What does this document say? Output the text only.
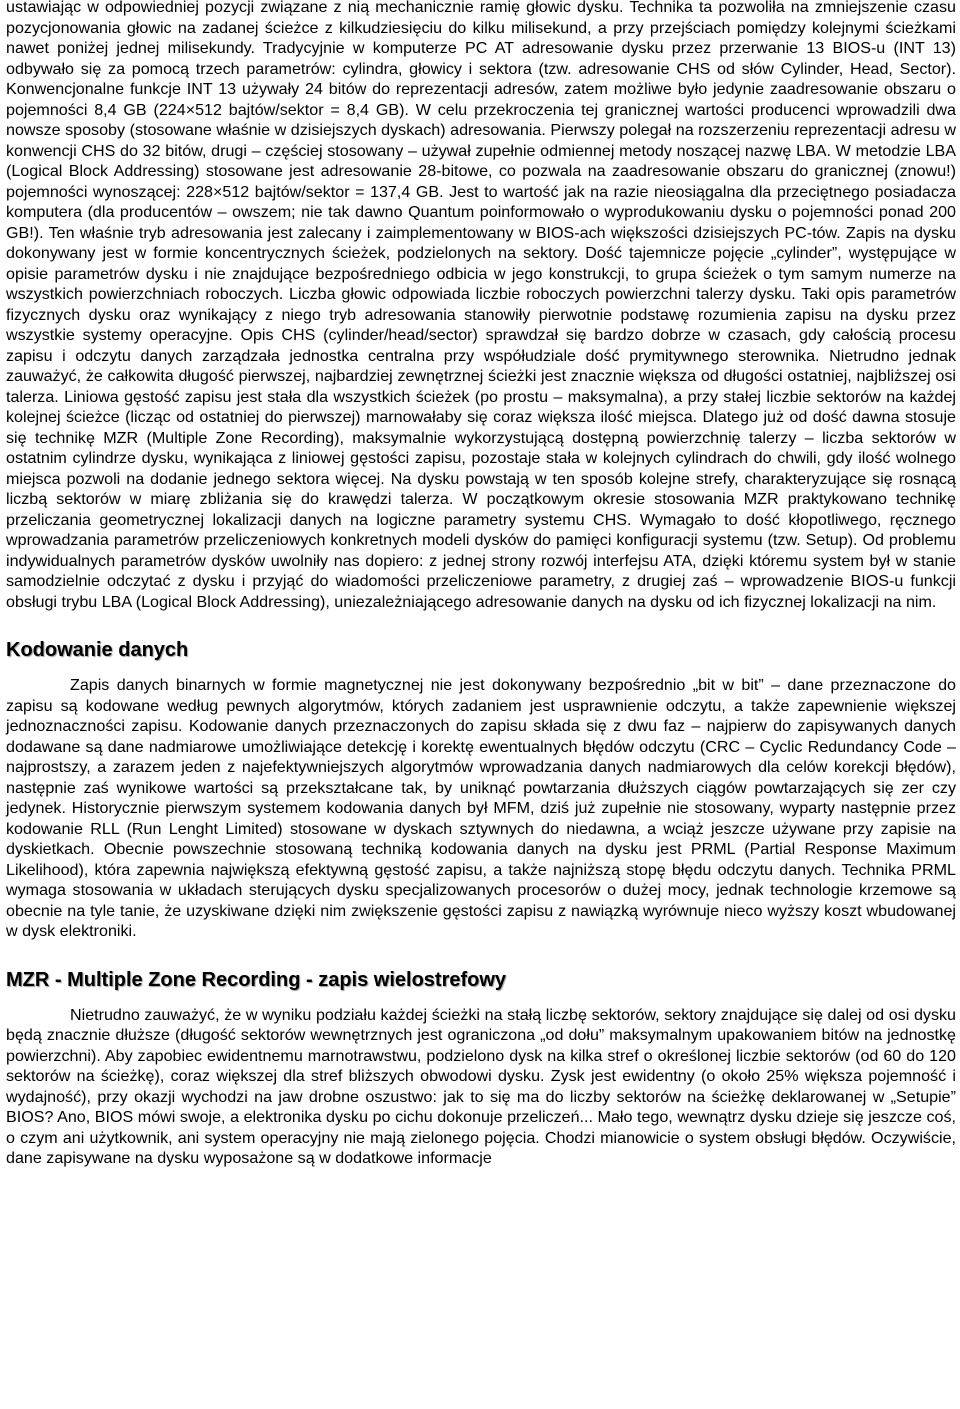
ustawiając w odpowiedniej pozycji związane z nią mechanicznie ramię głowic dysku. Technika ta pozwoliła na zmniejszenie czasu pozycjonowania głowic na zadanej ścieżce z kilkudziesięciu do kilku milisekund, a przy przejściach pomiędzy kolejnymi ścieżkami nawet poniżej jednej milisekundy. Tradycyjnie w komputerze PC AT adresowanie dysku przez przerwanie 13 BIOS-u (INT 13) odbywało się za pomocą trzech parametrów: cylindra, głowicy i sektora (tzw. adresowanie CHS od słów Cylinder, Head, Sector). Konwencjonalne funkcje INT 13 używały 24 bitów do reprezentacji adresów, zatem możliwe było jedynie zaadresowanie obszaru o pojemności 8,4 GB (224×512 bajtów/sektor = 8,4 GB). W celu przekroczenia tej granicznej wartości producenci wprowadzili dwa nowsze sposoby (stosowane właśnie w dzisiejszych dyskach) adresowania. Pierwszy polegał na rozszerzeniu reprezentacji adresu w konwencji CHS do 32 bitów, drugi – częściej stosowany – używał zupełnie odmiennej metody noszącej nazwę LBA. W metodzie LBA (Logical Block Addressing) stosowane jest adresowanie 28-bitowe, co pozwala na zaadresowanie obszaru do granicznej (znowu!) pojemności wynoszącej: 228×512 bajtów/sektor = 137,4 GB. Jest to wartość jak na razie nieosiągalna dla przeciętnego posiadacza komputera (dla producentów – owszem; nie tak dawno Quantum poinformowało o wyprodukowaniu dysku o pojemności ponad 200 GB!). Ten właśnie tryb adresowania jest zalecany i zaimplementowany w BIOS-ach większości dzisiejszych PC-tów. Zapis na dysku dokonywany jest w formie koncentrycznych ścieżek, podzielonych na sektory. Dość tajemnicze pojęcie „cylinder”, występujące w opisie parametrów dysku i nie znajdujące bezpośredniego odbicia w jego konstrukcji, to grupa ścieżek o tym samym numerze na wszystkich powierzchniach roboczych. Liczba głowic odpowiada liczbie roboczych powierzchni talerzy dysku. Taki opis parametrów fizycznych dysku oraz wynikający z niego tryb adresowania stanowiły pierwotnie podstawę rozumienia zapisu na dysku przez wszystkie systemy operacyjne. Opis CHS (cylinder/head/sector) sprawdzał się bardzo dobrze w czasach, gdy całością procesu zapisu i odczytu danych zarządzała jednostka centralna przy współudziale dość prymitywnego sterownika. Nietrudno jednak zauważyć, że całkowita długość pierwszej, najbardziej zewnętrznej ścieżki jest znacznie większa od długości ostatniej, najbliższej osi talerza. Liniowa gęstość zapisu jest stała dla wszystkich ścieżek (po prostu – maksymalna), a przy stałej liczbie sektorów na każdej kolejnej ścieżce (licząc od ostatniej do pierwszej) marnowałaby się coraz większa ilość miejsca. Dlatego już od dość dawna stosuje się technikę MZR (Multiple Zone Recording), maksymalnie wykorzystującą dostępną powierzchnię talerzy – liczba sektorów w ostatnim cylindrze dysku, wynikająca z liniowej gęstości zapisu, pozostaje stała w kolejnych cylindrach do chwili, gdy ilość wolnego miejsca pozwoli na dodanie jednego sektora więcej. Na dysku powstają w ten sposób kolejne strefy, charakteryzujące się rosnącą liczbą sektorów w miarę zbliżania się do krawędzi talerza. W początkowym okresie stosowania MZR praktykowano technikę przeliczania geometrycznej lokalizacji danych na logiczne parametry systemu CHS. Wymagało to dość kłopotliwego, ręcznego wprowadzania parametrów przeliczeniowych konkretnych modeli dysków do pamięci konfiguracji systemu (tzw. Setup). Od problemu indywidualnych parametrów dysków uwolniły nas dopiero: z jednej strony rozwój interfejsu ATA, dzięki któremu system był w stanie samodzielnie odczytać z dysku i przyjąć do wiadomości przeliczeniowe parametry, z drugiej zaś – wprowadzenie BIOS-u funkcji obsługi trybu LBA (Logical Block Addressing), uniezależniającego adresowanie danych na dysku od ich fizycznej lokalizacji na nim.

Kodowanie danych

Zapis danych binarnych w formie magnetycznej nie jest dokonywany bezpośrednio „bit w bit” – dane przeznaczone do zapisu są kodowane według pewnych algorytmów, których zadaniem jest usprawnienie odczytu, a także zapewnienie większej jednoznaczności zapisu. Kodowanie danych przeznaczonych do zapisu składa się z dwu faz – najpierw do zapisywanych danych dodawane są dane nadmiarowe umożliwiające detekcję i korektę ewentualnych błędów odczytu (CRC – Cyclic Redundancy Code – najprostszy, a zarazem jeden z najefektywniejszych algorytmów wprowadzania danych nadmiarowych dla celów korekcji błędów), następnie zaś wynikowe wartości są przekształcane tak, by uniknąć powtarzania dłuższych ciągów powtarzających się zer czy jedynek. Historycznie pierwszym systemem kodowania danych był MFM, dziś już zupełnie nie stosowany, wyparty następnie przez kodowanie RLL (Run Lenght Limited) stosowane w dyskach sztywnych do niedawna, a wciąż jeszcze używane przy zapisie na dyskietkach. Obecnie powszechnie stosowaną techniką kodowania danych na dysku jest PRML (Partial Response Maximum Likelihood), która zapewnia największą efektywną gęstość zapisu, a także najniższą stopę błędu odczytu danych. Technika PRML wymaga stosowania w układach sterujących dysku specjalizowanych procesorów o dużej mocy, jednak technologie krzemowe są obecnie na tyle tanie, że uzyskiwane dzięki nim zwiększenie gęstości zapisu z nawiązką wyrównuje nieco wyższy koszt wbudowanej w dysk elektroniki.

MZR - Multiple Zone Recording - zapis wielostrefowy

Nietrudno zauważyć, że w wyniku podziału każdej ścieżki na stałą liczbę sektorów, sektory znajdujące się dalej od osi dysku będą znacznie dłuższe (długość sektorów wewnętrznych jest ograniczona „od dołu” maksymalnym upakowaniem bitów na jednostkę powierzchni). Aby zapobiec ewidentnemu marnotrawstwu, podzielono dysk na kilka stref o określonej liczbie sektorów (od 60 do 120 sektorów na ścieżkę), coraz większej dla stref bliższych obwodowi dysku. Zysk jest ewidentny (o około 25% większa pojemność i wydajność), przy okazji wychodzi na jaw drobne oszustwo: jak to się ma do liczby sektorów na ścieżkę deklarowanej w „Setupie” BIOS? Ano, BIOS mówi swoje, a elektronika dysku po cichu dokonuje przeliczeń... Mało tego, wewnątrz dysku dzieje się jeszcze coś, o czym ani użytkownik, ani system operacyjny nie mają zielonego pojęcia. Chodzi mianowicie o system obsługi błędów. Oczywiście, dane zapisywane na dysku wyposażone są w dodatkowe informacje
